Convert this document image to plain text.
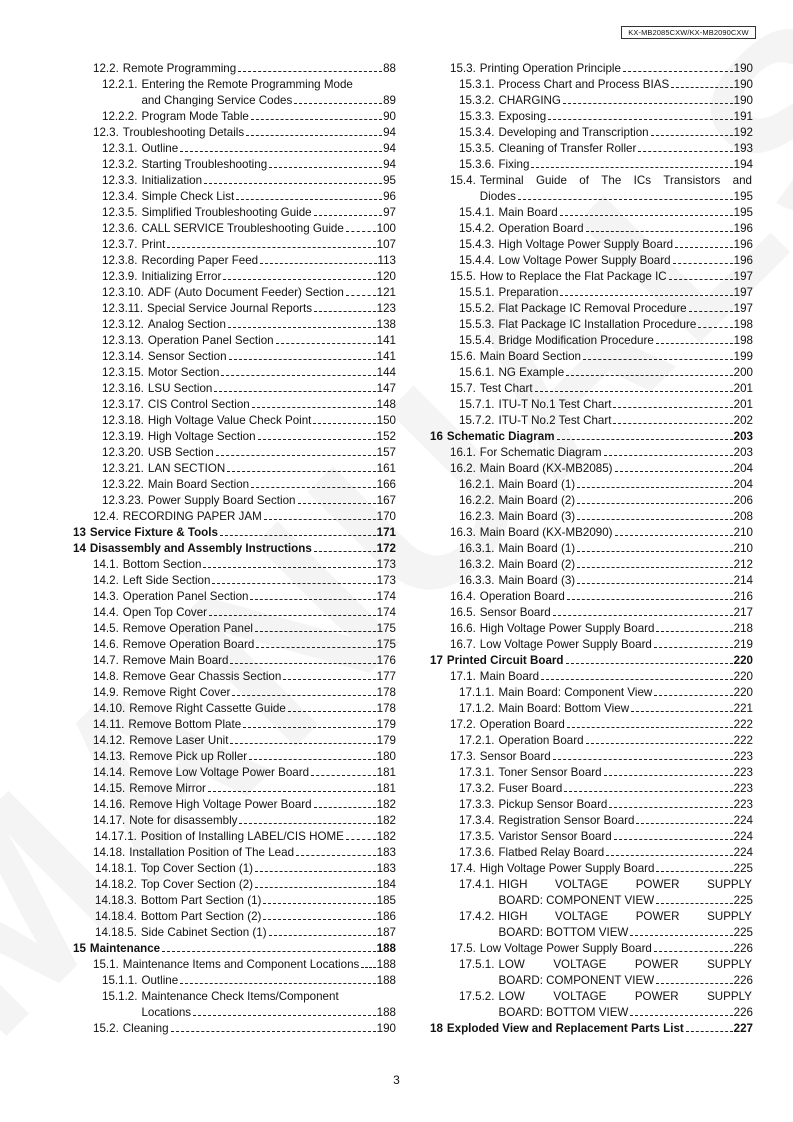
KX-MB2085CXW/KX-MB2090CXW
12.2. Remote Programming	88
12.2.1. Entering the Remote Programming Mode
and Changing Service Codes	89
12.2.2. Program Mode Table	90
12.3. Troubleshooting Details	94
12.3.1. Outline	94
12.3.2. Starting Troubleshooting	94
12.3.3. Initialization	95
12.3.4. Simple Check List	96
12.3.5. Simplified Troubleshooting Guide	97
12.3.6. CALL SERVICE Troubleshooting Guide	100
12.3.7. Print	107
12.3.8. Recording Paper Feed	113
12.3.9. Initializing Error	120
12.3.10. ADF (Auto Document Feeder) Section	121
12.3.11. Special Service Journal Reports	123
12.3.12. Analog Section	138
12.3.13. Operation Panel Section	141
12.3.14. Sensor Section	141
12.3.15. Motor Section	144
12.3.16. LSU Section	147
12.3.17. CIS Control Section	148
12.3.18. High Voltage Value Check Point	150
12.3.19. High Voltage Section	152
12.3.20. USB Section	157
12.3.21. LAN SECTION	161
12.3.22. Main Board Section	166
12.3.23. Power Supply Board Section	167
12.4. RECORDING PAPER JAM	170
13 Service Fixture & Tools	171
14 Disassembly and Assembly Instructions	172
14.1. Bottom Section	173
14.2. Left Side Section	173
14.3. Operation Panel Section	174
14.4. Open Top Cover	174
14.5. Remove Operation Panel	175
14.6. Remove Operation Board	175
14.7. Remove Main Board	176
14.8. Remove Gear Chassis Section	177
14.9. Remove Right Cover	178
14.10. Remove Right Cassette Guide	178
14.11. Remove Bottom Plate	179
14.12. Remove Laser Unit	179
14.13. Remove Pick up Roller	180
14.14. Remove Low Voltage Power Board	181
14.15. Remove Mirror	181
14.16. Remove High Voltage Power Board	182
14.17. Note for disassembly	182
14.17.1. Position of Installing LABEL/CIS HOME	182
14.18. Installation Position of The Lead	183
14.18.1. Top Cover Section (1)	183
14.18.2. Top Cover Section (2)	184
14.18.3. Bottom Part Section (1)	185
14.18.4. Bottom Part Section (2)	186
14.18.5. Side Cabinet Section (1)	187
15 Maintenance	188
15.1. Maintenance Items and Component Locations 188
15.1.1. Outline	188
15.1.2. Maintenance Check Items/Component
Locations	188
15.2. Cleaning	190
15.3. Printing Operation Principle	190
15.3.1. Process Chart and Process BIAS	190
15.3.2. CHARGING	190
15.3.3. Exposing	191
15.3.4. Developing and Transcription	192
15.3.5. Cleaning of Transfer Roller	193
15.3.6. Fixing	194
15.4. Terminal Guide of The ICs Transistors and
Diodes	195
15.4.1. Main Board	195
15.4.2. Operation Board	196
15.4.3. High Voltage Power Supply Board	196
15.4.4. Low Voltage Power Supply Board	196
15.5. How to Replace the Flat Package IC	197
15.5.1. Preparation	197
15.5.2. Flat Package IC Removal Procedure	197
15.5.3. Flat Package IC Installation Procedure	198
15.5.4. Bridge Modification Procedure	198
15.6. Main Board Section	199
15.6.1. NG Example	200
15.7. Test Chart	201
15.7.1. ITU-T No.1 Test Chart	201
15.7.2. ITU-T No.2 Test Chart	202
16 Schematic Diagram	203
16.1. For Schematic Diagram	203
16.2. Main Board (KX-MB2085)	204
16.2.1. Main Board (1)	204
16.2.2. Main Board (2)	206
16.2.3. Main Board (3)	208
16.3. Main Board (KX-MB2090)	210
16.3.1. Main Board (1)	210
16.3.2. Main Board (2)	212
16.3.3. Main Board (3)	214
16.4. Operation Board	216
16.5. Sensor Board	217
16.6. High Voltage Power Supply Board	218
16.7. Low Voltage Power Supply Board	219
17 Printed Circuit Board	220
17.1. Main Board	220
17.1.1. Main Board: Component View	220
17.1.2. Main Board: Bottom View	221
17.2. Operation Board	222
17.2.1. Operation Board	222
17.3. Sensor Board	223
17.3.1. Toner Sensor Board	223
17.3.2. Fuser Board	223
17.3.3. Pickup Sensor Board	223
17.3.4. Registration Sensor Board	224
17.3.5. Varistor Sensor Board	224
17.3.6. Flatbed Relay Board	224
17.4. High Voltage Power Supply Board	225
17.4.1. HIGH VOLTAGE POWER SUPPLY
BOARD: COMPONENT VIEW	225
17.4.2. HIGH VOLTAGE POWER SUPPLY
BOARD: BOTTOM VIEW	225
17.5. Low Voltage Power Supply Board	226
17.5.1. LOW VOLTAGE POWER SUPPLY
BOARD: COMPONENT VIEW	226
17.5.2. LOW VOLTAGE POWER SUPPLY
BOARD: BOTTOM VIEW	226
18 Exploded View and Replacement Parts List	227
3
